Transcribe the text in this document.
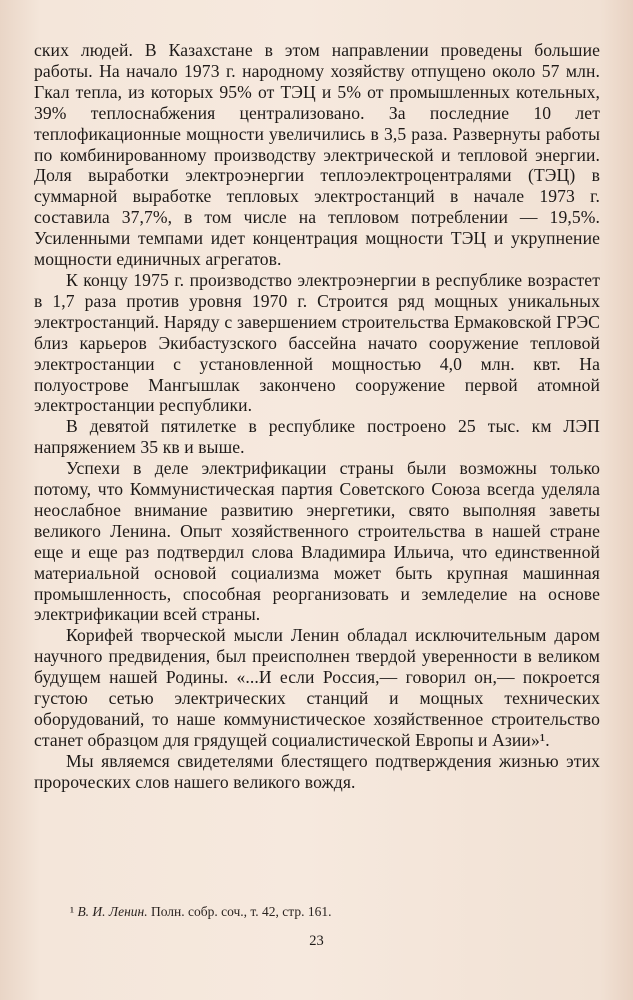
ских людей. В Казахстане в этом направлении проведены большие работы. На начало 1973 г. народному хозяйству отпущено около 57 млн. Гкал тепла, из которых 95% от ТЭЦ и 5% от промышленных котельных, 39% теплоснабжения централизовано. За последние 10 лет теплофикационные мощности увеличились в 3,5 раза. Развернуты работы по комбинированному производству электрической и тепловой энергии. Доля выработки электроэнергии теплоэлектроцентралями (ТЭЦ) в суммарной выработке тепловых электростанций в начале 1973 г. составила 37,7%, в том числе на тепловом потреблении — 19,5%. Усиленными темпами идет концентрация мощности ТЭЦ и укрупнение мощности единичных агрегатов.

К концу 1975 г. производство электроэнергии в республике возрастет в 1,7 раза против уровня 1970 г. Строится ряд мощных уникальных электростанций. Наряду с завершением строительства Ермаковской ГРЭС близ карьеров Экибастузского бассейна начато сооружение тепловой электростанции с установленной мощностью 4,0 млн. квт. На полуострове Мангышлак закончено сооружение первой атомной электростанции республики.

В девятой пятилетке в республике построено 25 тыс. км ЛЭП напряжением 35 кв и выше.

Успехи в деле электрификации страны были возможны только потому, что Коммунистическая партия Советского Союза всегда уделяла неослабное внимание развитию энергетики, свято выполняя заветы великого Ленина. Опыт хозяйственного строительства в нашей стране еще и еще раз подтвердил слова Владимира Ильича, что единственной материальной основой социализма может быть крупная машинная промышленность, способная реорганизовать и земледелие на основе электрификации всей страны.

Корифей творческой мысли Ленин обладал исключительным даром научного предвидения, был преисполнен твердой уверенности в великом будущем нашей Родины. «...И если Россия,— говорил он,— покроется густою сетью электрических станций и мощных технических оборудований, то наше коммунистическое хозяйственное строительство станет образцом для грядущей социалистической Европы и Азии»¹.

Мы являемся свидетелями блестящего подтверждения жизнью этих пророческих слов нашего великого вождя.

¹ В. И. Ленин. Полн. собр. соч., т. 42, стр. 161.
23
